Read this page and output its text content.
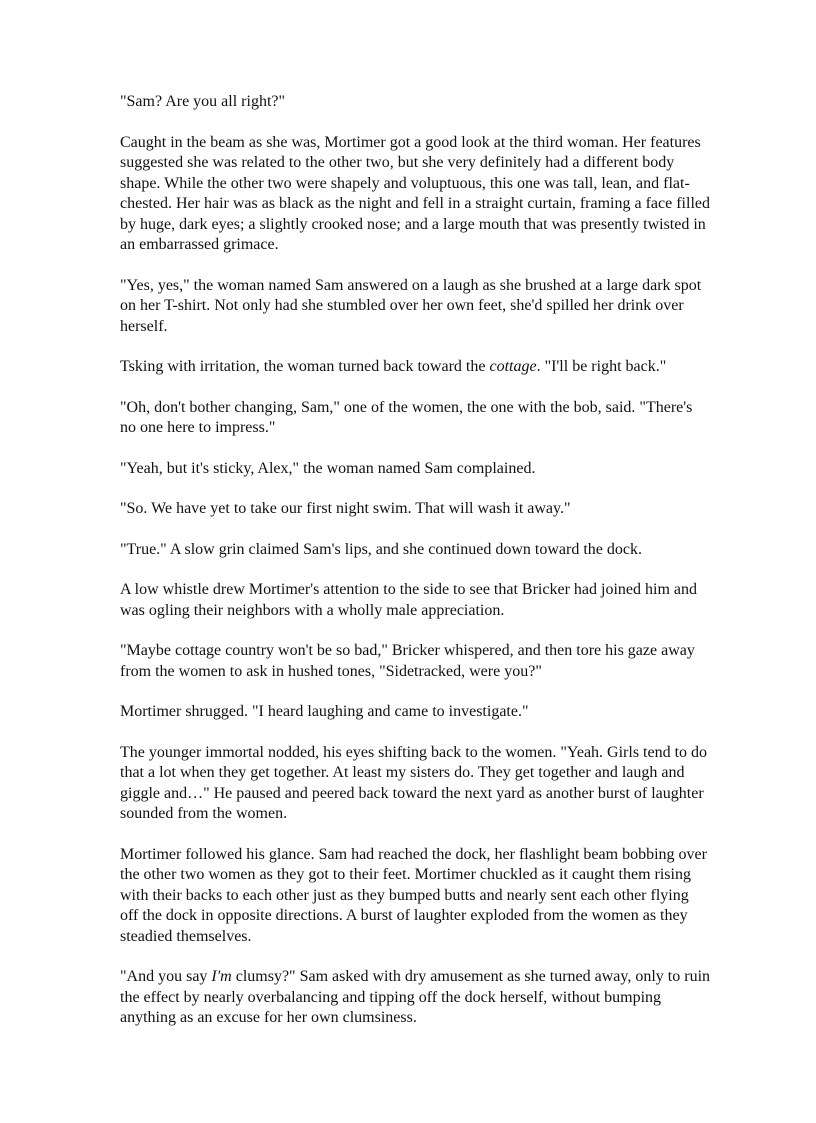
"Sam? Are you all right?"

Caught in the beam as she was, Mortimer got a good look at the third woman. Her features suggested she was related to the other two, but she very definitely had a different body shape. While the other two were shapely and voluptuous, this one was tall, lean, and flat-chested. Her hair was as black as the night and fell in a straight curtain, framing a face filled by huge, dark eyes; a slightly crooked nose; and a large mouth that was presently twisted in an embarrassed grimace.

"Yes, yes," the woman named Sam answered on a laugh as she brushed at a large dark spot on her T-shirt. Not only had she stumbled over her own feet, she'd spilled her drink over herself.

Tsking with irritation, the woman turned back toward the cottage. "I'll be right back."

"Oh, don't bother changing, Sam," one of the women, the one with the bob, said. "There's no one here to impress."

"Yeah, but it's sticky, Alex," the woman named Sam complained.

"So. We have yet to take our first night swim. That will wash it away."

"True." A slow grin claimed Sam's lips, and she continued down toward the dock.

A low whistle drew Mortimer's attention to the side to see that Bricker had joined him and was ogling their neighbors with a wholly male appreciation.

"Maybe cottage country won't be so bad," Bricker whispered, and then tore his gaze away from the women to ask in hushed tones, "Sidetracked, were you?"

Mortimer shrugged. "I heard laughing and came to investigate."

The younger immortal nodded, his eyes shifting back to the women. "Yeah. Girls tend to do that a lot when they get together. At least my sisters do. They get together and laugh and giggle and…" He paused and peered back toward the next yard as another burst of laughter sounded from the women.

Mortimer followed his glance. Sam had reached the dock, her flashlight beam bobbing over the other two women as they got to their feet. Mortimer chuckled as it caught them rising with their backs to each other just as they bumped butts and nearly sent each other flying off the dock in opposite directions. A burst of laughter exploded from the women as they steadied themselves.

"And you say I'm clumsy?" Sam asked with dry amusement as she turned away, only to ruin the effect by nearly overbalancing and tipping off the dock herself, without bumping anything as an excuse for her own clumsiness.
